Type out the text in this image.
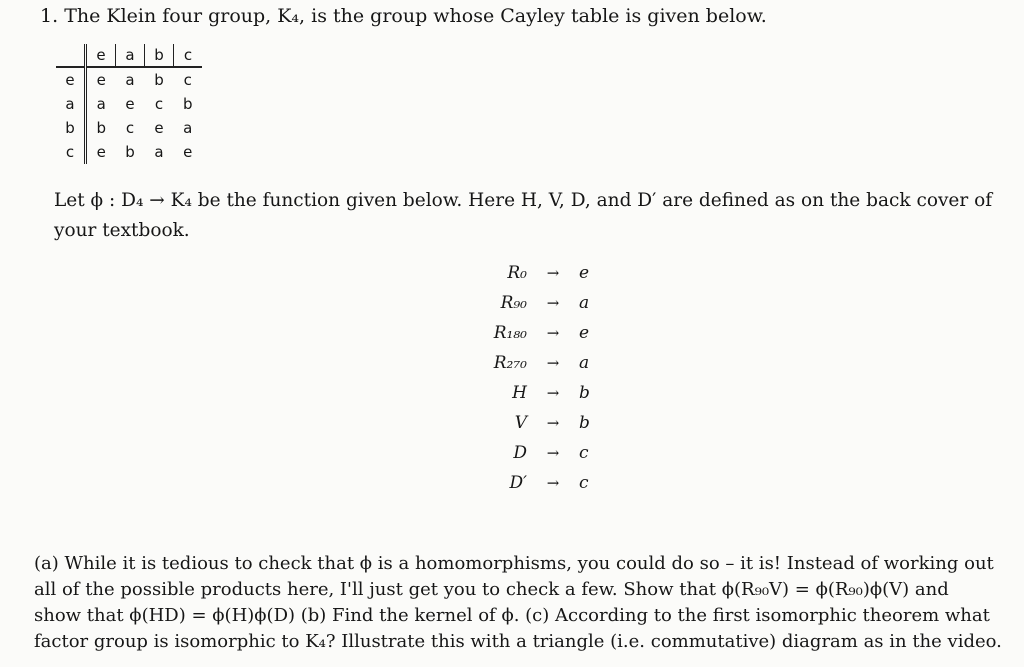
1. The Klein four group, K₄, is the group whose Cayley table is given below.
	e	a	b	c
e	e	a	b	c
a	a	e	c	b
b	b	c	e	a
c	e	b	a	e
Let ϕ : D₄ → K₄ be the function given below. Here H, V, D, and D′ are defined as on the back cover of
your textbook.
R₀	→	e
R₉₀	→	a
R₁₈₀	→	e
R₂₇₀	→	a
H	→	b
V	→	b
D	→	c
D′	→	c
(a) While it is tedious to check that ϕ is a homomorphisms, you could do so – it is! Instead of working out
all of the possible products here, I'll just get you to check a few. Show that ϕ(R₉₀V) = ϕ(R₉₀)ϕ(V) and
show that ϕ(HD) = ϕ(H)ϕ(D) (b) Find the kernel of ϕ. (c) According to the first isomorphic theorem what
factor group is isomorphic to K₄? Illustrate this with a triangle (i.e. commutative) diagram as in the video.
